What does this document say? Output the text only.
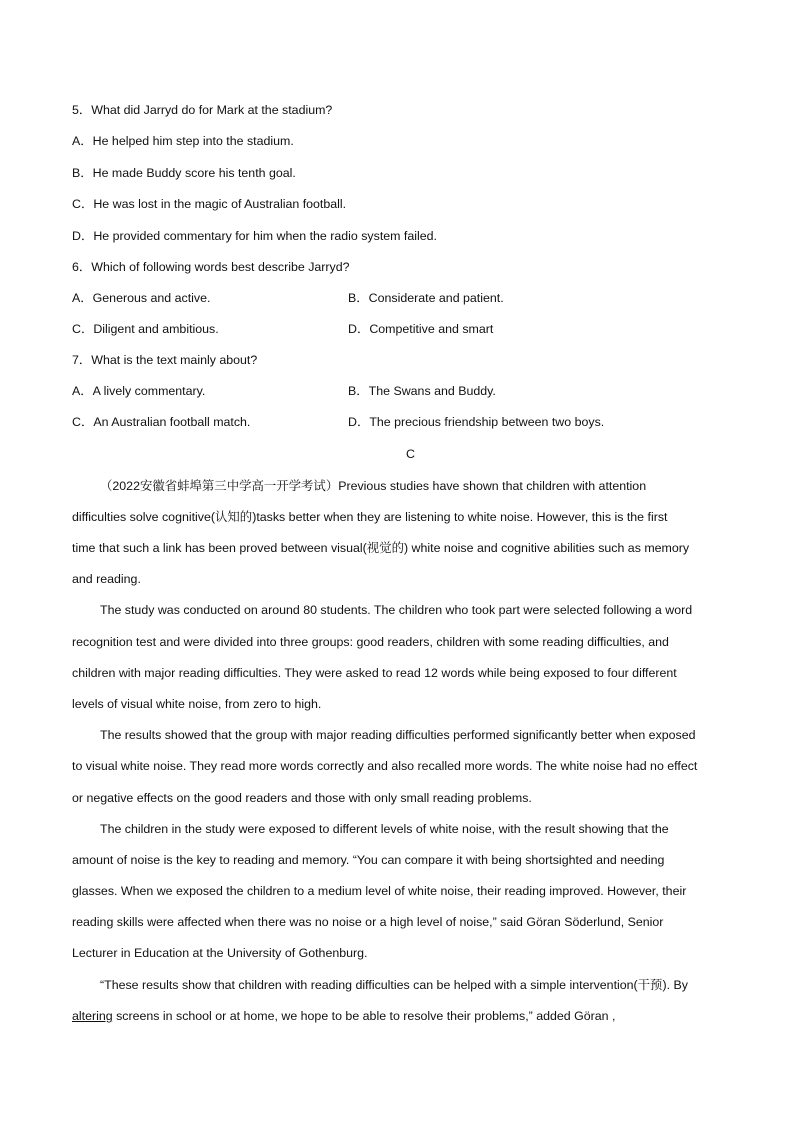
5．What did Jarryd do for Mark at the stadium?
A．He helped him step into the stadium.
B．He made Buddy score his tenth goal.
C．He was lost in the magic of Australian football.
D．He provided commentary for him when the radio system failed.
6．Which of following words best describe Jarryd?
A．Generous and active.	B．Considerate and patient.
C．Diligent and ambitious.	D．Competitive and smart
7．What is the text mainly about?
A．A lively commentary.	B．The Swans and Buddy.
C．An Australian football match.	D．The precious friendship between two boys.
C
（2022安徽省蚌埠第三中学高一开学考试）Previous studies have shown that children with attention
difficulties solve cognitive(认知的)tasks better when they are listening to white noise. However, this is the first
time that such a link has been proved between visual(视觉的) white noise and cognitive abilities such as memory
and reading.
The study was conducted on around 80 students. The children who took part were selected following a word
recognition test and were divided into three groups: good readers, children with some reading difficulties, and
children with major reading difficulties. They were asked to read 12 words while being exposed to four different
levels of visual white noise, from zero to high.
The results showed that the group with major reading difficulties performed significantly better when exposed
to visual white noise. They read more words correctly and also recalled more words. The white noise had no effect
or negative effects on the good readers and those with only small reading problems.
The children in the study were exposed to different levels of white noise, with the result showing that the
amount of noise is the key to reading and memory. “You can compare it with being shortsighted and needing
glasses. When we exposed the children to a medium level of white noise, their reading improved. However, their
reading skills were affected when there was no noise or a high level of noise,” said Göran Söderlund, Senior
Lecturer in Education at the University of Gothenburg.
“These results show that children with reading difficulties can be helped with a simple intervention(干预). By
altering screens in school or at home, we hope to be able to resolve their problems,” added Göran ,
